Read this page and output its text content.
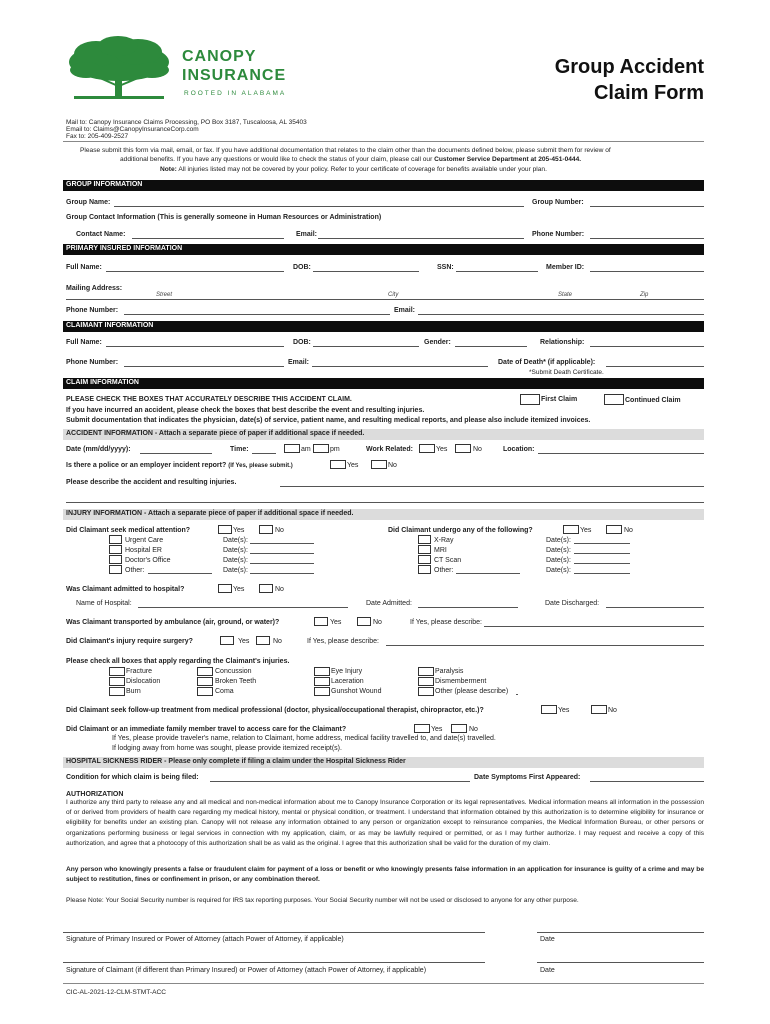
CANOPY
INSURANCE
ROOTED IN ALABAMA
Group Accident
Claim Form
Mail to: Canopy Insurance Claims Processing, PO Box 3187, Tuscaloosa, AL 35403
Email to: Claims@CanopyInsuranceCorp.com
Fax to: 205-409-2527
Please submit this form via mail, email, or fax. If you have additional documentation that relates to the claim other than the documents defined below, please submit them for review of
additional benefits. If you have any questions or would like to check the status of your claim, please call our Customer Service Department at 205-451-0444.
Note: All injuries listed may not be covered by your policy. Refer to your certificate of coverage for benefits available under your plan.
GROUP INFORMATION
Group Name:	Group Number:
Group Contact Information (This is generally someone in Human Resources or Administration)
Contact Name:	Email:	Phone Number:
PRIMARY INSURED INFORMATION
Full Name:	DOB:	SSN:	Member ID:
Mailing Address:
Street	City	State	Zip
Phone Number:	Email:
CLAIMANT INFORMATION
Full Name:	DOB:	Gender:	Relationship:
Phone Number:	Email:	Date of Death* (if applicable):
*Submit Death Certificate.
CLAIM INFORMATION
PLEASE CHECK THE BOXES THAT ACCURATELY DESCRIBE THIS ACCIDENT CLAIM.	First Claim	Continued Claim
If you have incurred an accident, please check the boxes that best describe the event and resulting injuries.
Submit documentation that indicates the physician, date(s) of service, patient name, and resulting medical reports, and please also include itemized invoices.
ACCIDENT INFORMATION - Attach a separate piece of paper if additional space if needed.
Date (mm/dd/yyyy):	Time:	am	pm	Work Related:	Yes	No	Location:
Is there a police or an employer incident report? (If Yes, please submit.)	Yes	No
Please describe the accident and resulting injuries.
INJURY INFORMATION - Attach a separate piece of paper if additional space if needed.
Did Claimant seek medical attention?	Yes	No	Did Claimant undergo any of the following?	Yes	No
Urgent Care	Date(s):
Hospital ER	Date(s):
Doctor's Office	Date(s):
Other:	Date(s):
X-Ray	Date(s):
MRI	Date(s):
CT Scan	Date(s):
Other:	Date(s):
Was Claimant admitted to hospital?	Yes	No
Name of Hospital:	Date Admitted:	Date Discharged:
Was Claimant transported by ambulance (air, ground, or water)?	Yes	No	If Yes, please describe:
Did Claimant's injury require surgery?	Yes	No	If Yes, please describe:
Please check all boxes that apply regarding the Claimant's injuries.
Fracture
Dislocation
Burn
Concussion
Broken Teeth
Coma
Eye Injury
Laceration
Gunshot Wound
Paralysis
Dismemberment
Other (please describe)
Did Claimant seek follow-up treatment from medical professional (doctor, physical/occupational therapist, chiropractor, etc.)?	Yes	No
Did Claimant or an immediate family member travel to access care for the Claimant?	Yes	No
If Yes, please provide traveler's name, relation to Claimant, home address, medical facility travelled to, and date(s) travelled.
If lodging away from home was sought, please provide itemized receipt(s).
HOSPITAL SICKNESS RIDER - Please only complete if filing a claim under the Hospital Sickness Rider
Condition for which claim is being filed:	Date Symptoms First Appeared:
AUTHORIZATION
I authorize any third party to release any and all medical and non-medical information about me to Canopy Insurance Corporation or its legal representatives. Medical information means all information in the possession of or derived from providers of health care regarding my medical history, mental or physical condition, or treatment. I understand that information obtained by this authorization is to determine eligibility for insurance or eligibility for benefits under an existing plan. Canopy will not release any information obtained to any person or organization except to reinsurance companies, the Medical Information Bureau, or other persons or organizations performing business or legal services in connection with my application, claim, or as may be lawfully required or permitted, or as I may further authorize. I may request and receive a copy of this authorization, and agree that a photocopy of this authorization shall be as valid as the original. I agree that this authorization shall be valid for the duration of my claim.
Any person who knowingly presents a false or fraudulent claim for payment of a loss or benefit or who knowingly presents false information in an application for insurance is guilty of a crime and may be subject to restitution, fines or confinement in prison, or any combination thereof.
Please Note: Your Social Security number is required for IRS tax reporting purposes. Your Social Security number will not be used or disclosed to anyone for any other purpose.
Signature of Primary Insured or Power of Attorney (attach Power of Attorney, if applicable)	Date
Signature of Claimant (if different than Primary Insured) or Power of Attorney (attach Power of Attorney, if applicable)	Date
CIC-AL-2021-12-CLM-STMT-ACC
